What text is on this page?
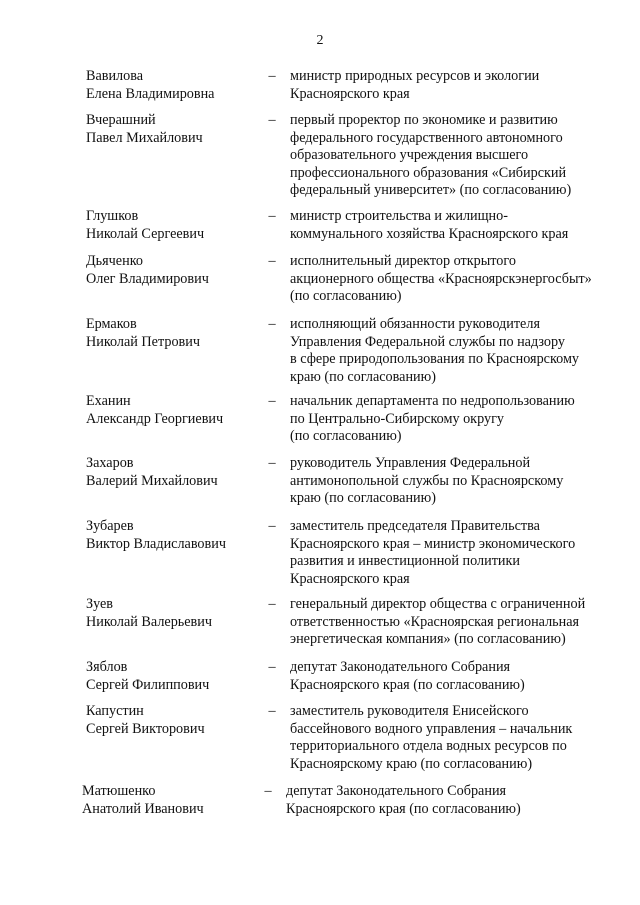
2
Вавилова
Елена Владимировна
– министр природных ресурсов и экологии
Красноярского края
Вчерашний
Павел Михайлович
– первый проректор по экономике и развитию
федерального государственного автономного
образовательного учреждения высшего
профессионального образования «Сибирский
федеральный университет» (по согласованию)
Глушков
Николай Сергеевич
– министр строительства и жилищно-
коммунального хозяйства Красноярского края
Дьяченко
Олег Владимирович
– исполнительный директор открытого
акционерного общества «Красноярскэнергосбыт»
(по согласованию)
Ермаков
Николай Петрович
– исполняющий обязанности руководителя
Управления Федеральной службы по надзору
в сфере природопользования по Красноярскому
краю (по согласованию)
Еханин
Александр Георгиевич
– начальник департамента по недропользованию
по Центрально-Сибирскому округу
(по согласованию)
Захаров
Валерий Михайлович
– руководитель Управления Федеральной
антимонопольной службы по Красноярскому
краю (по согласованию)
Зубарев
Виктор Владиславович
– заместитель председателя Правительства
Красноярского края – министр экономического
развития и инвестиционной политики
Красноярского края
Зуев
Николай Валерьевич
– генеральный директор общества с ограниченной
ответственностью «Красноярская региональная
энергетическая компания» (по согласованию)
Зяблов
Сергей Филиппович
– депутат Законодательного Собрания
Красноярского края (по согласованию)
Капустин
Сергей Викторович
– заместитель руководителя Енисейского
бассейнового водного управления – начальник
территориального отдела водных ресурсов по
Красноярскому краю (по согласованию)
Матюшенко
Анатолий Иванович
– депутат Законодательного Собрания
Красноярского края (по согласованию)
